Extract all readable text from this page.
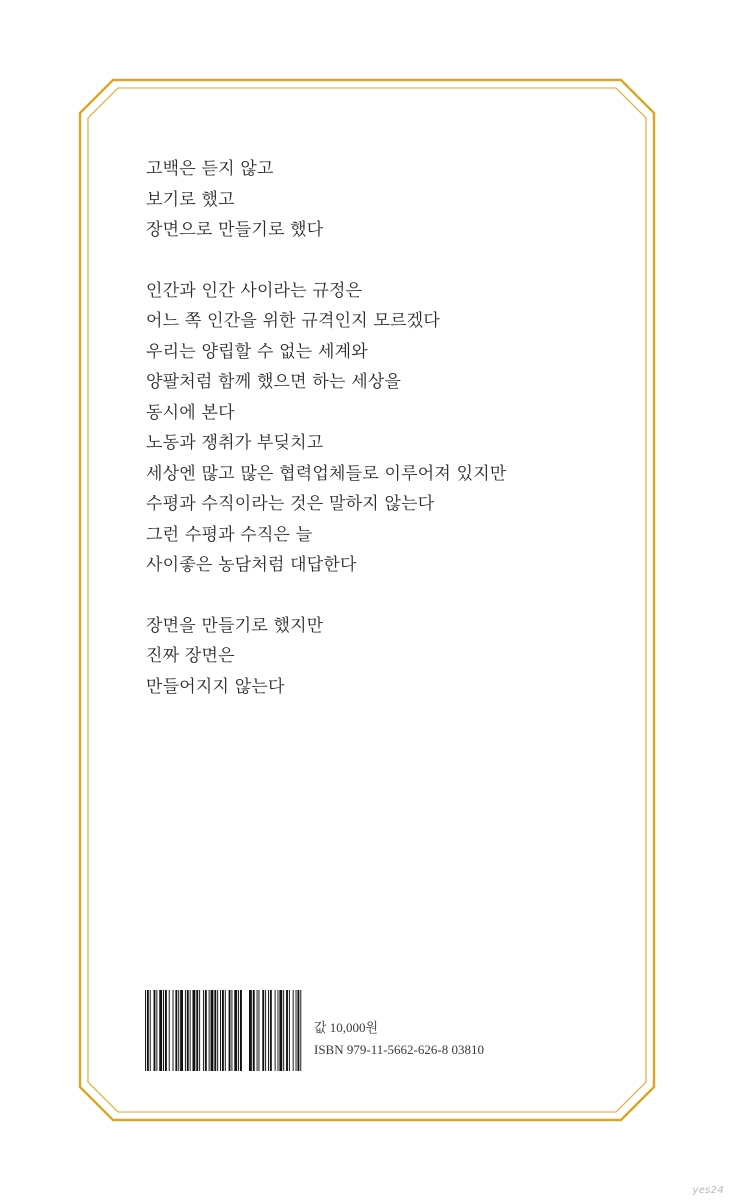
고백은 듣지 않고
보기로 했고
장면으로 만들기로 했다
인간과 인간 사이라는 규정은
어느 쪽 인간을 위한 규격인지 모르겠다
우리는 양립할 수 없는 세계와
양팔처럼 함께 했으면 하는 세상을
동시에 본다
노동과 쟁취가 부딪치고
세상엔 많고 많은 협력업체들로 이루어져 있지만
수평과 수직이라는 것은 말하지 않는다
그런 수평과 수직은 늘
사이좋은 농담처럼 대답한다
장면을 만들기로 했지만
진짜 장면은
만들어지지 않는다
값 10,000원
ISBN 979-11-5662-626-8 03810
yes24
